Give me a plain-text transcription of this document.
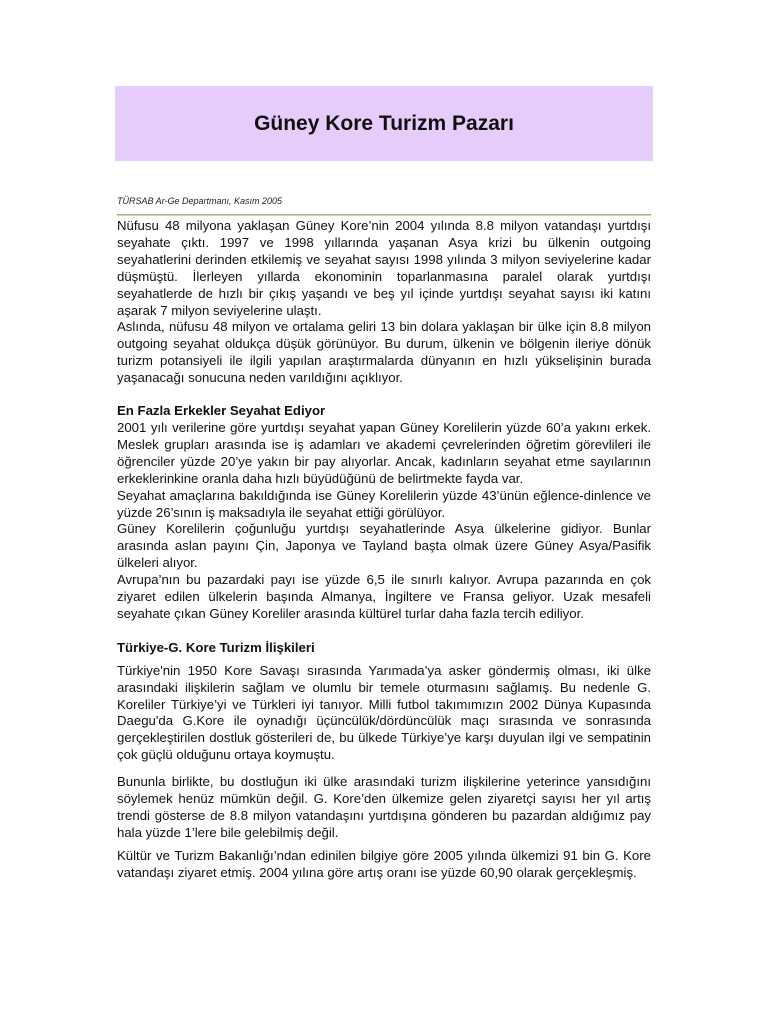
Güney Kore Turizm Pazarı
TÜRSAB Ar-Ge Departmanı, Kasım 2005

Nüfusu 48 milyona yaklaşan Güney Kore’nin 2004 yılında 8.8 milyon vatandaşı yurtdışı seyahate çıktı. 1997 ve 1998 yıllarında yaşanan Asya krizi bu ülkenin outgoing seyahatlerini derinden etkilemiş ve seyahat sayısı 1998 yılında 3 milyon seviyelerine kadar düşmüştü. İlerleyen yıllarda ekonominin toparlanmasına paralel olarak yurtdışı seyahatlerde de hızlı bir çıkış yaşandı ve beş yıl içinde yurtdışı seyahat sayısı iki katını aşarak 7 milyon seviyelerine ulaştı.

Aslında, nüfusu 48 milyon ve ortalama geliri 13 bin dolara yaklaşan bir ülke için 8.8 milyon outgoing seyahat oldukça düşük görünüyor. Bu durum, ülkenin ve bölgenin ileriye dönük turizm potansiyeli ile ilgili yapılan araştırmalarda dünyanın en hızlı yükselişinin burada yaşanacağı sonucuna neden varıldığını açıklıyor.

En Fazla Erkekler Seyahat Ediyor

2001 yılı verilerine göre yurtdışı seyahat yapan Güney Korelilerin yüzde 60’a yakını erkek. Meslek grupları arasında ise iş adamları ve akademi çevrelerinden öğretim görevlileri ile öğrenciler yüzde 20’ye yakın bir pay alıyorlar. Ancak, kadınların seyahat etme sayılarının erkeklerinkine oranla daha hızlı büyüdüğünü de belirtmekte fayda var.

Seyahat amaçlarına bakıldığında ise Güney Korelilerin yüzde 43’ünün eğlence-dinlence ve yüzde 26’sının iş maksadıyla ile seyahat ettiği görülüyor.

Güney Korelilerin çoğunluğu yurtdışı seyahatlerinde Asya ülkelerine gidiyor. Bunlar arasında aslan payını Çin, Japonya ve Tayland başta olmak üzere Güney Asya/Pasifik ülkeleri alıyor.

Avrupa’nın bu pazardaki payı ise yüzde 6,5 ile sınırlı kalıyor. Avrupa pazarında en çok ziyaret edilen ülkelerin başında Almanya, İngiltere ve Fransa geliyor. Uzak mesafeli seyahate çıkan Güney Koreliler arasında kültürel turlar daha fazla tercih ediliyor.

Türkiye-G. Kore Turizm İlişkileri

Türkiye'nin 1950 Kore Savaşı sırasında Yarımada’ya asker göndermiş olması, iki ülke arasındaki ilişkilerin sağlam ve olumlu bir temele oturmasını sağlamış. Bu nedenle G. Koreliler Türkiye’yi ve Türkleri iyi tanıyor. Milli futbol takımımızın 2002 Dünya Kupasında Daegu'da G.Kore ile oynadığı üçüncülük/dördüncülük maçı sırasında ve sonrasında gerçekleştirilen dostluk gösterileri de, bu ülkede Türkiye’ye karşı duyulan ilgi ve sempatinin çok güçlü olduğunu ortaya koymuştu.

Bununla birlikte, bu dostluğun iki ülke arasındaki turizm ilişkilerine yeterince yansıdığını söylemek henüz mümkün değil. G. Kore’den ülkemize gelen ziyaretçi sayısı her yıl artış trendi gösterse de 8.8 milyon vatandaşını yurtdışına gönderen bu pazardan aldığımız pay hala yüzde 1’lere bile gelebilmiş değil.

Kültür ve Turizm Bakanlığı’ndan edinilen bilgiye göre 2005 yılında ülkemizi 91 bin G. Kore vatandaşı ziyaret etmiş. 2004 yılına göre artış oranı ise yüzde 60,90 olarak gerçekleşmiş.
